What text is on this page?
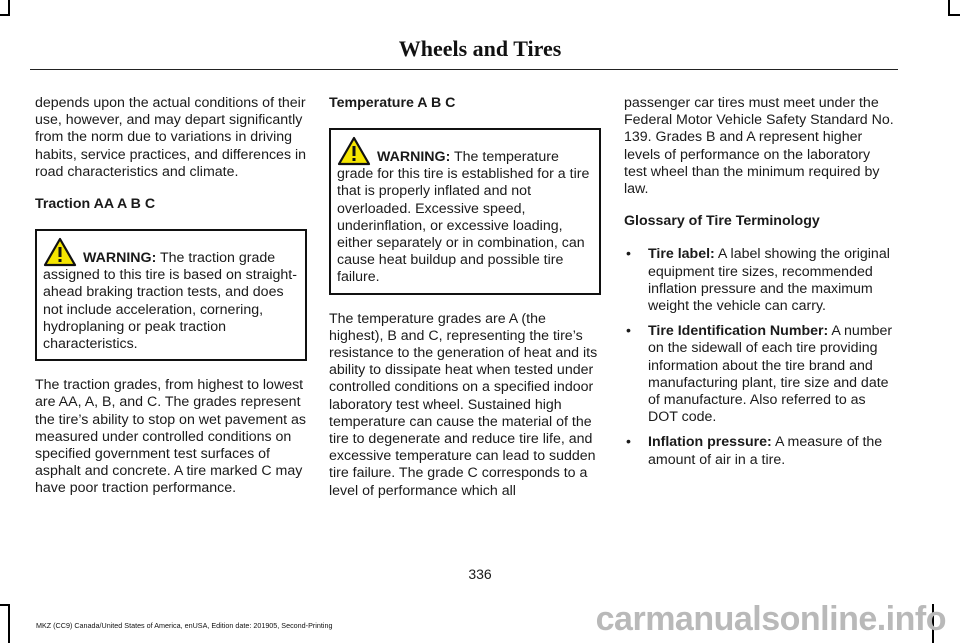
Wheels and Tires

depends upon the actual conditions of their use, however, and may depart significantly from the norm due to variations in driving habits, service practices, and differences in road characteristics and climate.

Traction AA A B C

WARNING: The traction grade
assigned to this tire is based on straight-ahead braking traction tests, and does not include acceleration, cornering, hydroplaning or peak traction characteristics.

The traction grades, from highest to lowest are AA, A, B, and C. The grades represent the tire’s ability to stop on wet pavement as measured under controlled conditions on specified government test surfaces of asphalt and concrete. A tire marked C may have poor traction performance.

Temperature A B C

WARNING: The temperature
grade for this tire is established for a tire that is properly inflated and not overloaded. Excessive speed, underinflation, or excessive loading, either separately or in combination, can cause heat buildup and possible tire failure.

The temperature grades are A (the highest), B and C, representing the tire’s resistance to the generation of heat and its ability to dissipate heat when tested under controlled conditions on a specified indoor laboratory test wheel. Sustained high temperature can cause the material of the tire to degenerate and reduce tire life, and excessive temperature can lead to sudden tire failure. The grade C corresponds to a level of performance which all

passenger car tires must meet under the Federal Motor Vehicle Safety Standard No. 139. Grades B and A represent higher levels of performance on the laboratory test wheel than the minimum required by law.

Glossary of Tire Terminology

• Tire label: A label showing the original equipment tire sizes, recommended inflation pressure and the maximum weight the vehicle can carry.
• Tire Identification Number: A number on the sidewall of each tire providing information about the tire brand and manufacturing plant, tire size and date of manufacture. Also referred to as DOT code.
• Inflation pressure: A measure of the amount of air in a tire.
336
MKZ (CC9) Canada/United States of America, enUSA, Edition date: 201905, Second-Printing	carmanualsonline.info
